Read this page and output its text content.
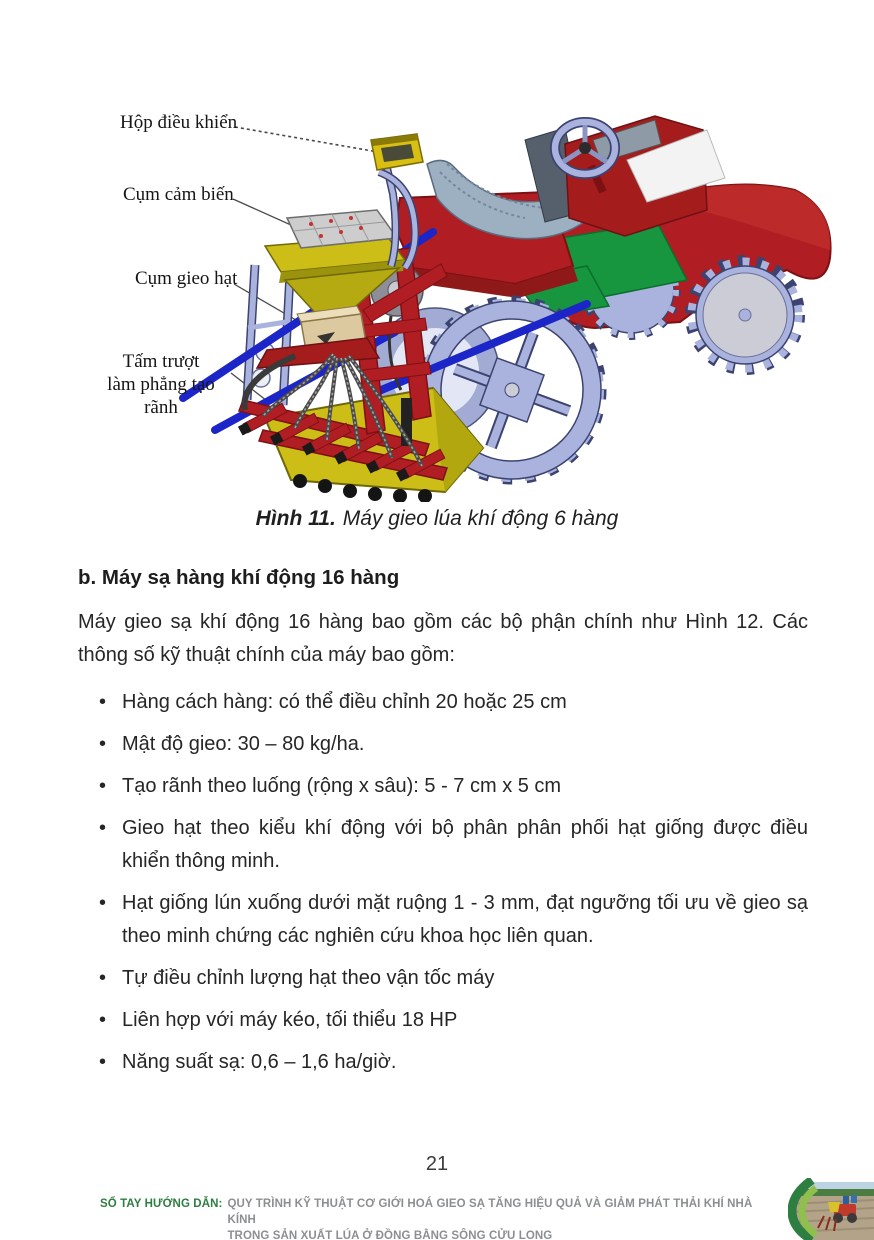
Hộp điều khiển
Cụm cảm biến
Cụm gieo hạt
Tấm trượt
làm phẳng tạo rãnh
Hình 11. Máy gieo lúa khí động 6 hàng
b. Máy sạ hàng khí động 16 hàng

Máy gieo sạ khí động 16 hàng bao gồm các bộ phận chính như Hình 12. Các thông số kỹ thuật chính của máy bao gồm:

• Hàng cách hàng: có thể điều chỉnh 20 hoặc 25 cm
• Mật độ gieo: 30 – 80 kg/ha.
• Tạo rãnh theo luống (rộng x sâu): 5 - 7 cm x 5 cm
• Gieo hạt theo kiểu khí động với bộ phân phân phối hạt giống được điều khiển thông minh.
• Hạt giống lún xuống dưới mặt ruộng 1 - 3 mm, đạt ngưỡng tối ưu về gieo sạ theo minh chứng các nghiên cứu khoa học liên quan.
• Tự điều chỉnh lượng hạt theo vận tốc máy
• Liên hợp với máy kéo, tối thiểu 18 HP
• Năng suất sạ: 0,6 – 1,6 ha/giờ.
21
SỔ TAY HƯỚNG DẪN: QUY TRÌNH KỸ THUẬT CƠ GIỚI HOÁ GIEO SẠ TĂNG HIỆU QUẢ VÀ GIẢM PHÁT THẢI KHÍ NHÀ KÍNH
TRONG SẢN XUẤT LÚA Ở ĐỒNG BẰNG SÔNG CỬU LONG
